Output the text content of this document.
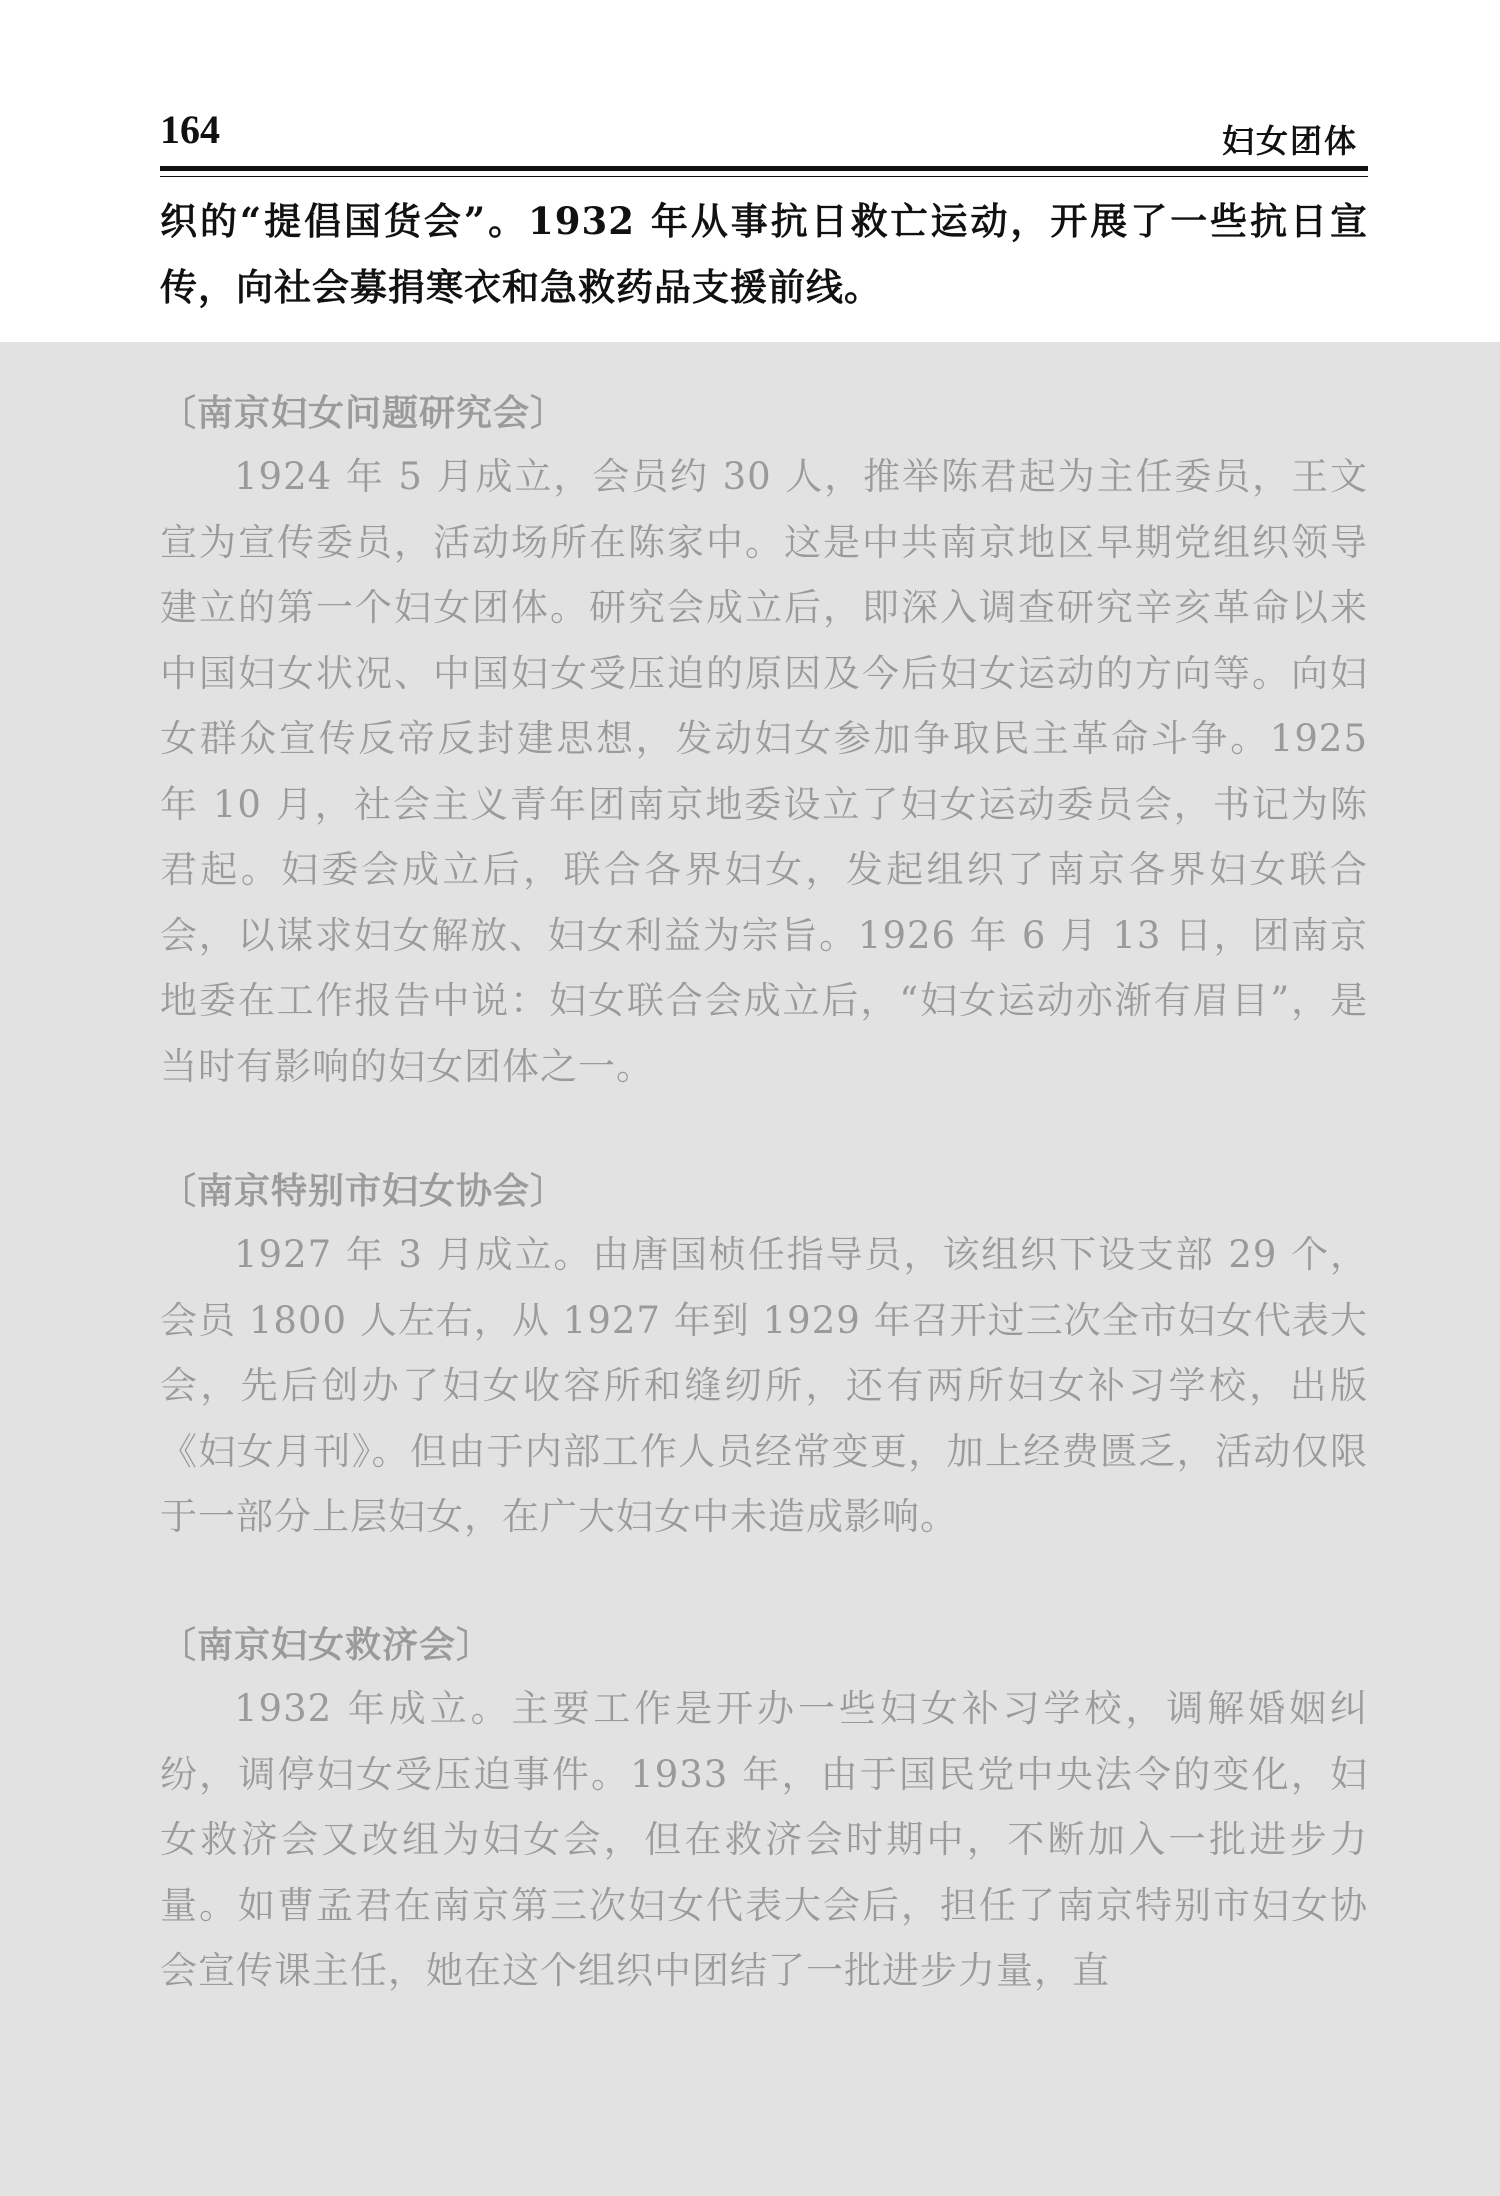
164	妇女团体

织的“提倡国货会”。1932 年从事抗日救亡运动，开展了一些抗日宣传，向社会募捐寒衣和急救药品支援前线。

〔南京妇女问题研究会〕

1924 年 5 月成立，会员约 30 人，推举陈君起为主任委员，王文宣为宣传委员，活动场所在陈家中。这是中共南京地区早期党组织领导建立的第一个妇女团体。研究会成立后，即深入调查研究辛亥革命以来中国妇女状况、中国妇女受压迫的原因及今后妇女运动的方向等。向妇女群众宣传反帝反封建思想，发动妇女参加争取民主革命斗争。1925 年 10 月，社会主义青年团南京地委设立了妇女运动委员会，书记为陈君起。妇委会成立后，联合各界妇女，发起组织了南京各界妇女联合会，以谋求妇女解放、妇女利益为宗旨。1926 年 6 月 13 日，团南京地委在工作报告中说：妇女联合会成立后，“妇女运动亦渐有眉目”，是当时有影响的妇女团体之一。

〔南京特别市妇女协会〕

1927 年 3 月成立。由唐国桢任指导员，该组织下设支部 29 个，会员 1800 人左右，从 1927 年到 1929 年召开过三次全市妇女代表大会，先后创办了妇女收容所和缝纫所，还有两所妇女补习学校，出版《妇女月刊》。但由于内部工作人员经常变更，加上经费匮乏，活动仅限于一部分上层妇女，在广大妇女中未造成影响。

〔南京妇女救济会〕

1932 年成立。主要工作是开办一些妇女补习学校，调解婚姻纠纷，调停妇女受压迫事件。1933 年，由于国民党中央法令的变化，妇女救济会又改组为妇女会，但在救济会时期中，不断加入一批进步力量。如曹孟君在南京第三次妇女代表大会后，担任了南京特别市妇女协会宣传课主任，她在这个组织中团结了一批进步力量，直
